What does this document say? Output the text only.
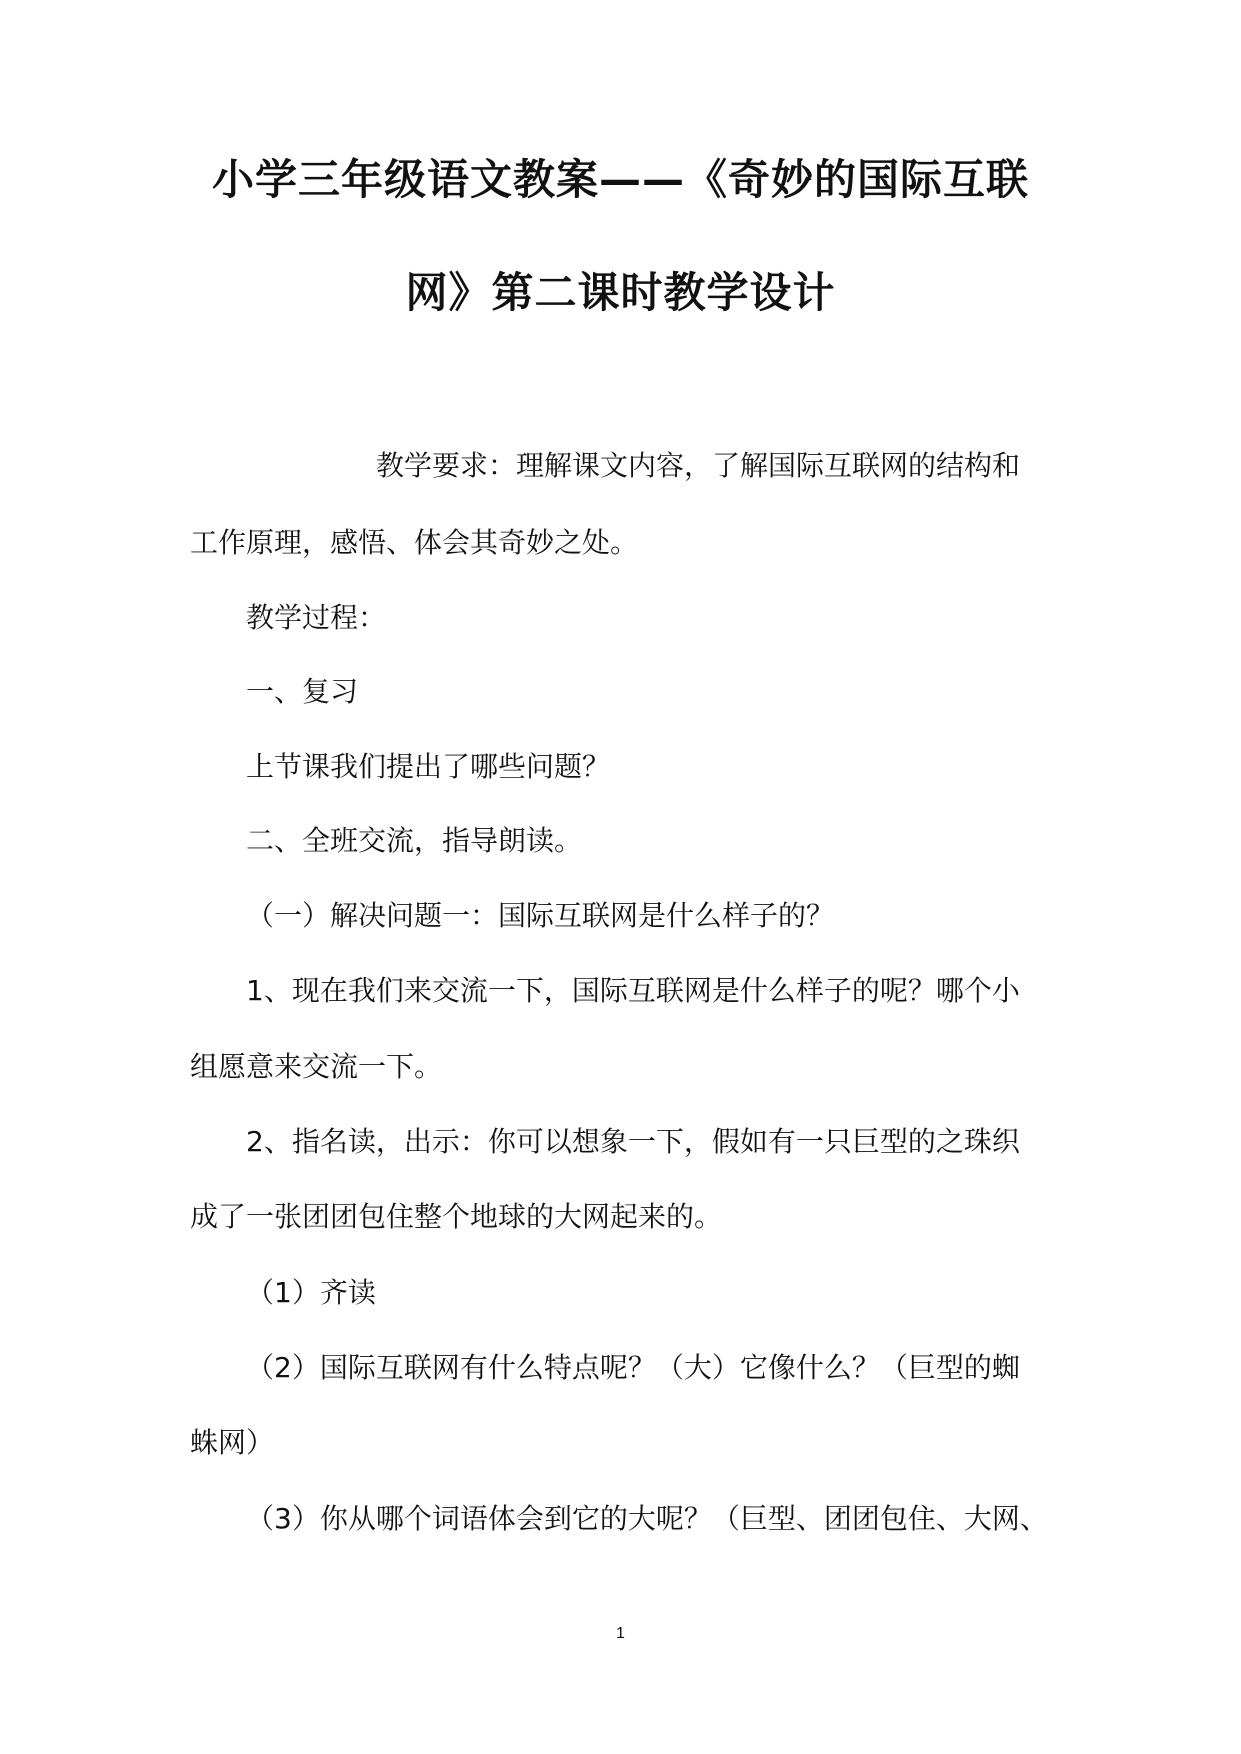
小学三年级语文教案——《奇妙的国际互联
网》第二课时教学设计
教学要求：理解课文内容，了解国际互联网的结构和
工作原理，感悟、体会其奇妙之处。
教学过程：
一、复习
上节课我们提出了哪些问题？
二、全班交流，指导朗读。
（一）解决问题一：国际互联网是什么样子的？
1、现在我们来交流一下，国际互联网是什么样子的呢？哪个小
组愿意来交流一下。
2、指名读，出示：你可以想象一下，假如有一只巨型的之珠织
成了一张团团包住整个地球的大网起来的。
（1）齐读
（2）国际互联网有什么特点呢？（大）它像什么？（巨型的蜘
蛛网）
（3）你从哪个词语体会到它的大呢？（巨型、团团包住、大网、
1
